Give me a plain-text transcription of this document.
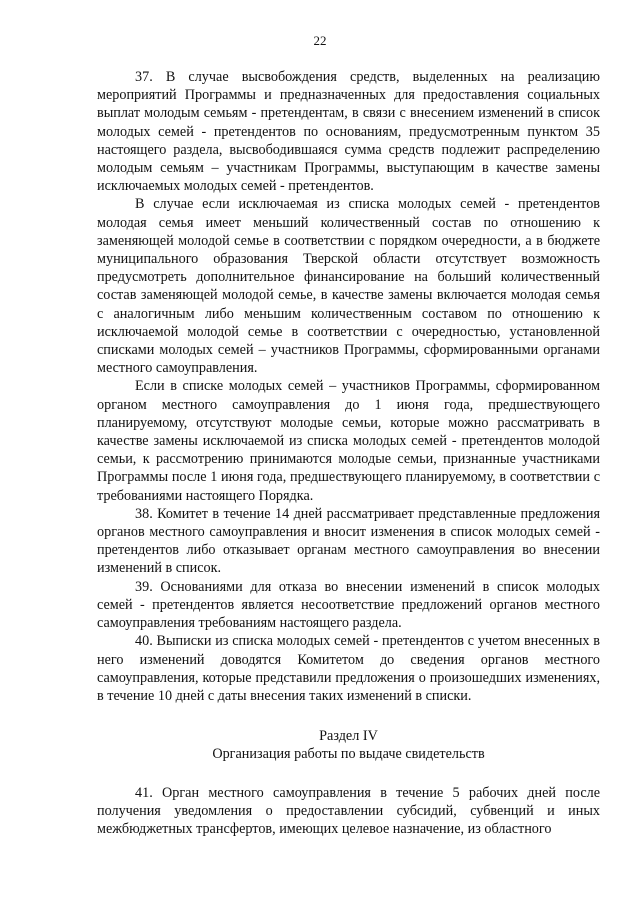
22

37. В случае высвобождения средств, выделенных на реализацию мероприятий Программы и предназначенных для предоставления социальных выплат молодым семьям - претендентам, в связи с внесением изменений в список молодых семей - претендентов по основаниям, предусмотренным пунктом 35 настоящего раздела, высвободившаяся сумма средств подлежит распределению молодым семьям – участникам Программы, выступающим в качестве замены исключаемых молодых семей - претендентов.

В случае если исключаемая из списка молодых семей - претендентов молодая семья имеет меньший количественный состав по отношению к заменяющей молодой семье в соответствии с порядком очередности, а в бюджете муниципального образования Тверской области отсутствует возможность предусмотреть дополнительное финансирование на больший количественный состав заменяющей молодой семье, в качестве замены включается молодая семья с аналогичным либо меньшим количественным составом по отношению к исключаемой молодой семье в соответствии с очередностью, установленной списками молодых семей – участников Программы, сформированными органами местного самоуправления.

Если в списке молодых семей – участников Программы, сформированном органом местного самоуправления до 1 июня года, предшествующего планируемому, отсутствуют молодые семьи, которые можно рассматривать в качестве замены исключаемой из списка молодых семей - претендентов молодой семьи, к рассмотрению принимаются молодые семьи, признанные участниками Программы после 1 июня года, предшествующего планируемому, в соответствии с требованиями настоящего Порядка.

38. Комитет в течение 14 дней рассматривает представленные предложения органов местного самоуправления и вносит изменения в список молодых семей - претендентов либо отказывает органам местного самоуправления во внесении изменений в список.

39. Основаниями для отказа во внесении изменений в список молодых семей - претендентов является несоответствие предложений органов местного самоуправления требованиям настоящего раздела.

40. Выписки из списка молодых семей - претендентов с учетом внесенных в него изменений доводятся Комитетом до сведения органов местного самоуправления, которые представили предложения о произошедших изменениях, в течение 10 дней с даты внесения таких изменений в списки.

Раздел IV

Организация работы по выдаче свидетельств

41. Орган местного самоуправления в течение 5 рабочих дней после получения уведомления о предоставлении субсидий, субвенций и иных межбюджетных трансфертов, имеющих целевое назначение, из областного
